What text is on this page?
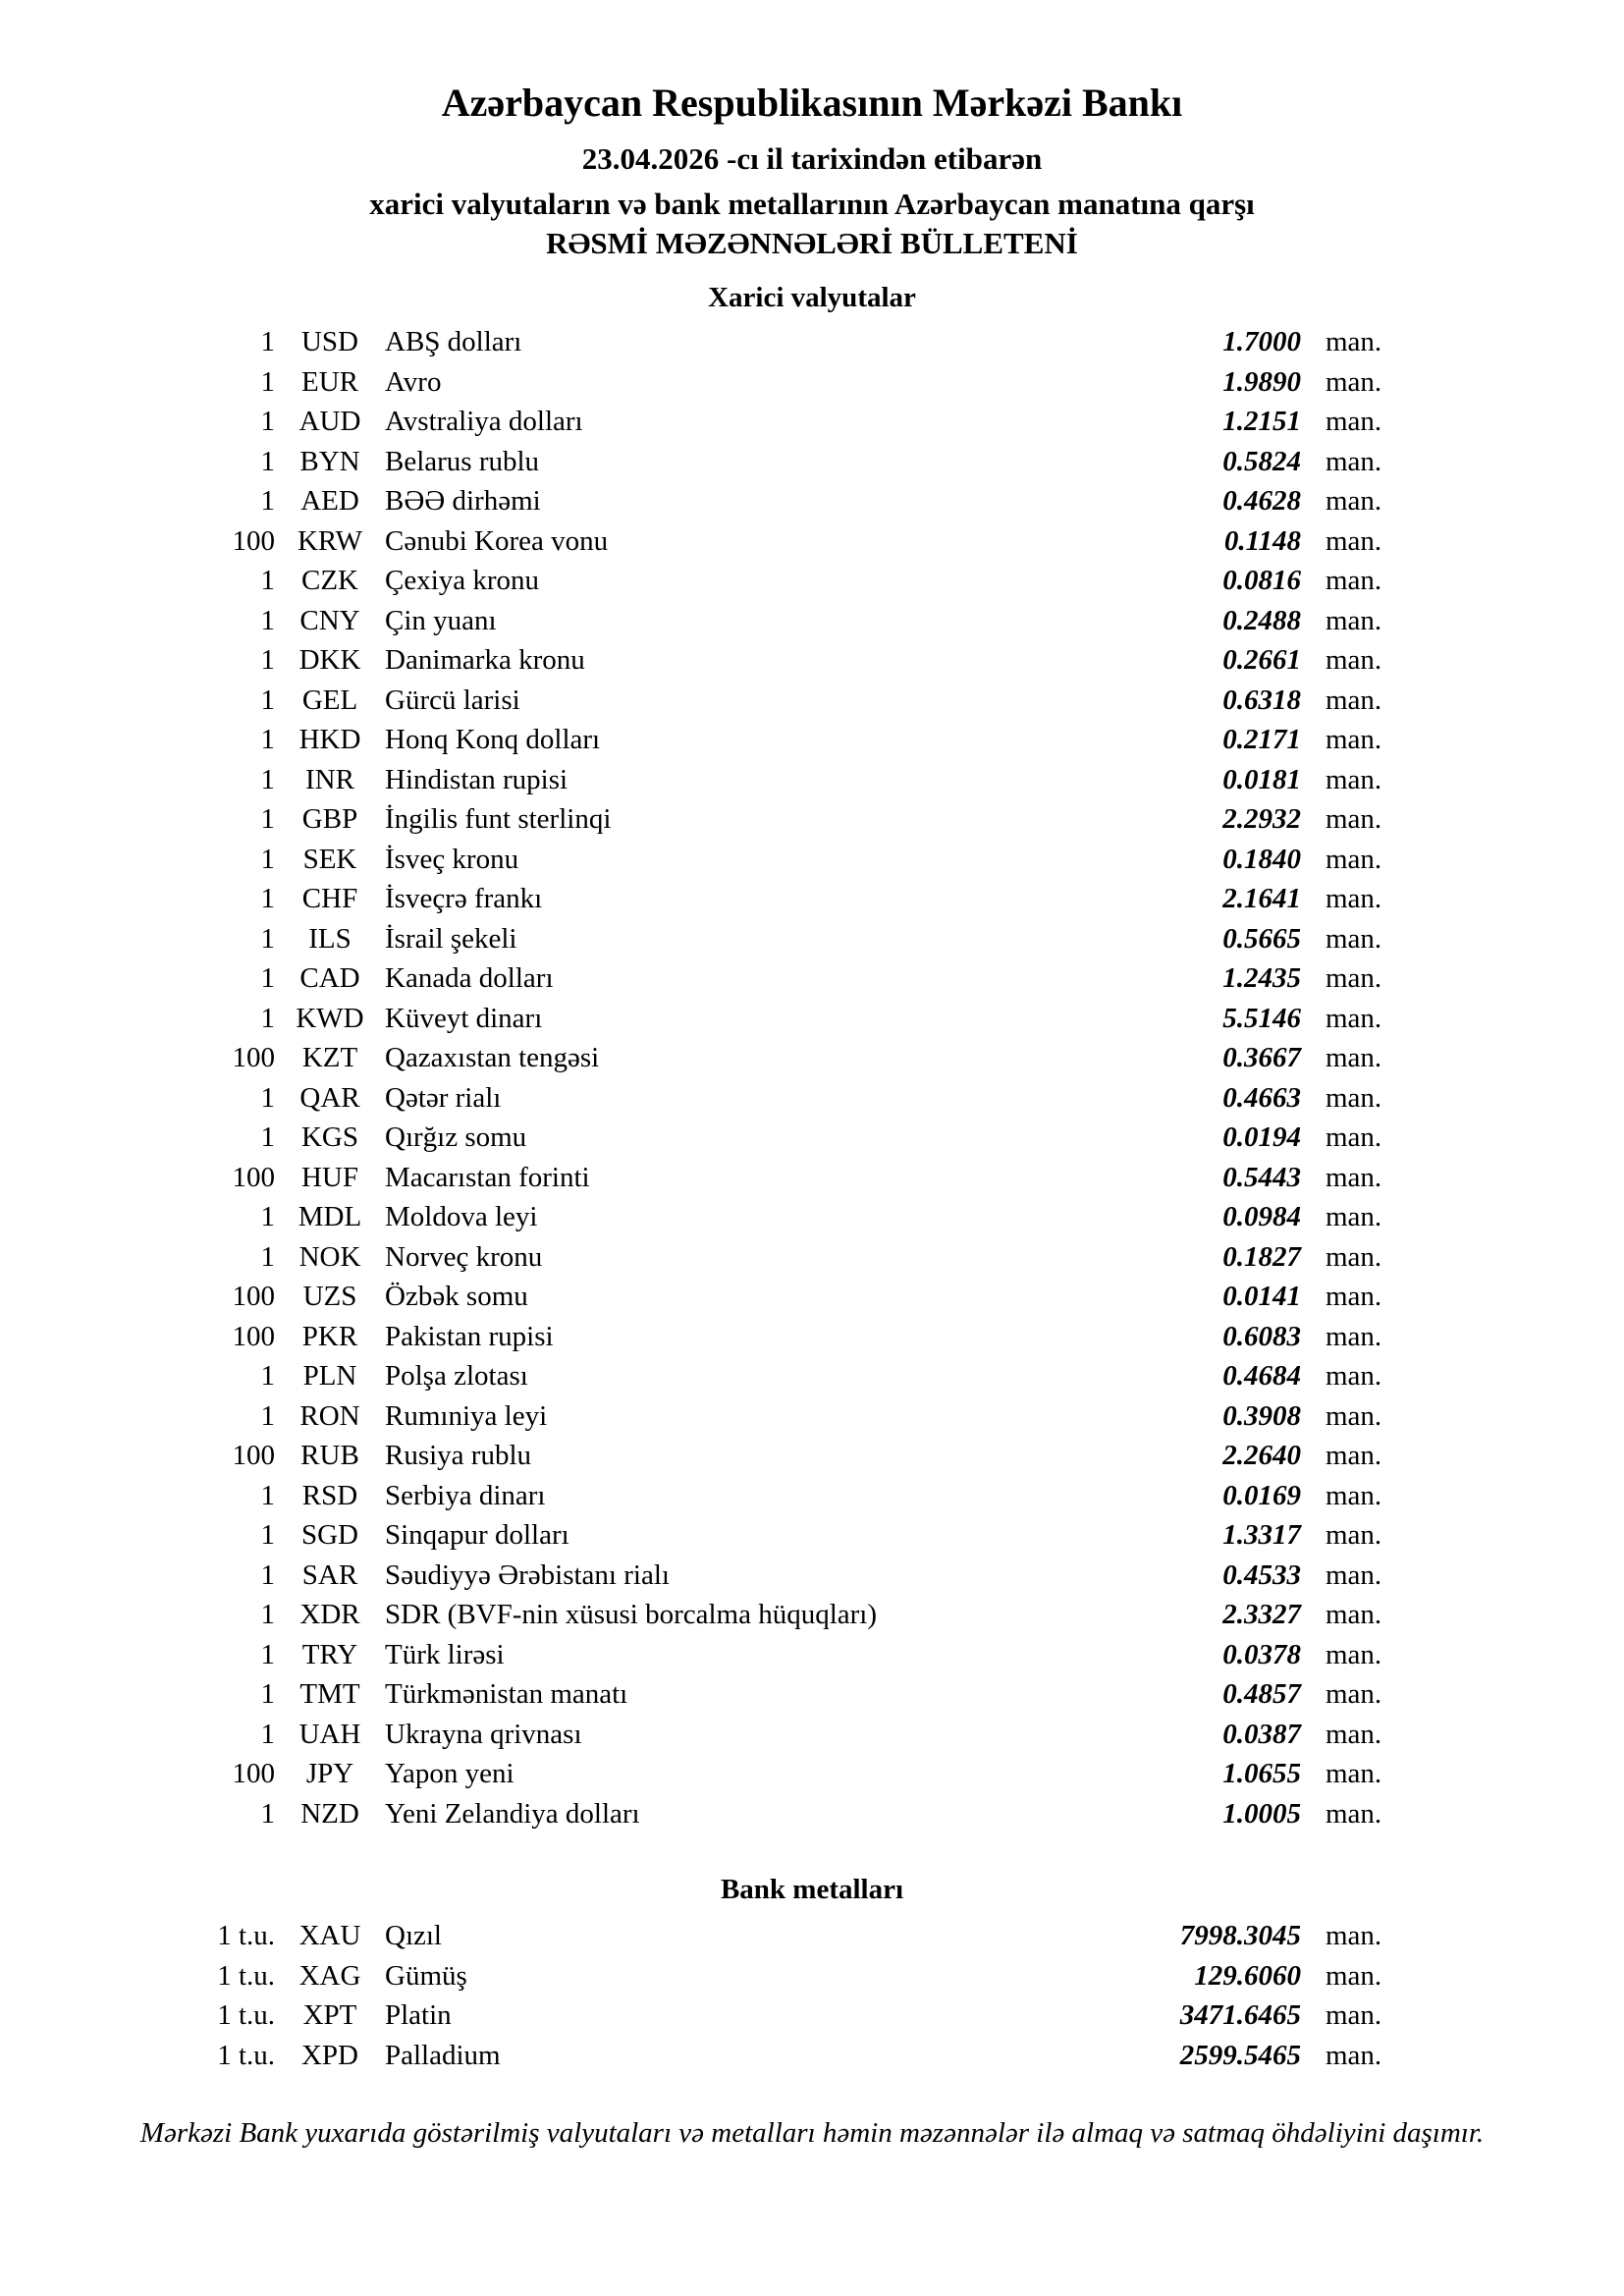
Azərbaycan Respublikasının Mərkəzi Bankı
23.04.2026 -cı il tarixindən etibarən
xarici valyutaların və bank metallarının Azərbaycan manatına qarşı
RƏSMİ MƏZƏNNƏLƏRİ BÜLLETENİ
Xarici valyutalar
1 USD ABŞ dolları	1.7000 man.
1 EUR Avro	1.9890 man.
1 AUD Avstraliya dolları	1.2151 man.
1 BYN Belarus rublu	0.5824 man.
1 AED BƏƏ dirhəmi	0.4628 man.
100 KRW Cənubi Korea vonu	0.1148 man.
1 CZK Çexiya kronu	0.0816 man.
1 CNY Çin yuanı	0.2488 man.
1 DKK Danimarka kronu	0.2661 man.
1 GEL Gürcü larisi	0.6318 man.
1 HKD Honq Konq dolları	0.2171 man.
1	INR	Hindistan rupisi	0.0181 man.
1 GBP İngilis funt sterlinqi	2.2932 man.
1 SEK İsveç kronu	0.1840 man.
1 CHF İsveçrə frankı	2.1641 man.
1	ILS	İsrail şekeli	0.5665 man.
1 CAD Kanada dolları	1.2435 man.
1 KWD Küveyt dinarı	5.5146 man.
100 KZT Qazaxıstan tengəsi	0.3667 man.
1 QAR Qətər rialı	0.4663 man.
1 KGS Qırğız somu	0.0194 man.
100 HUF Macarıstan forinti	0.5443 man.
1 MDL Moldova leyi	0.0984 man.
1 NOK Norveç kronu	0.1827 man.
100 UZS Özbək somu	0.0141 man.
100 PKR Pakistan rupisi	0.6083 man.
1 PLN Polşa zlotası	0.4684 man.
1 RON Rumıniya leyi	0.3908 man.
100 RUB Rusiya rublu	2.2640 man.
1 RSD Serbiya dinarı	0.0169 man.
1 SGD Sinqapur dolları	1.3317 man.
1 SAR Səudiyyə Ərəbistanı rialı	0.4533 man.
1 XDR SDR (BVF-nin xüsusi borcalma hüquqları)	2.3327 man.
1 TRY Türk lirəsi	0.0378 man.
1 TMT Türkmənistan manatı	0.4857 man.
1 UAH Ukrayna qrivnası	0.0387 man.
100	JPY	Yapon yeni	1.0655 man.
1 NZD Yeni Zelandiya dolları	1.0005 man.
Bank metalları
1 t.u. XAU Qızıl	7998.3045 man.
1 t.u. XAG Gümüş	129.6060 man.
1 t.u. XPT Platin	3471.6465 man.
1 t.u. XPD Palladium	2599.5465 man.
Mərkəzi Bank yuxarıda göstərilmiş valyutaları və metalları həmin məzənnələr ilə almaq və satmaq öhdəliyini daşımır.
